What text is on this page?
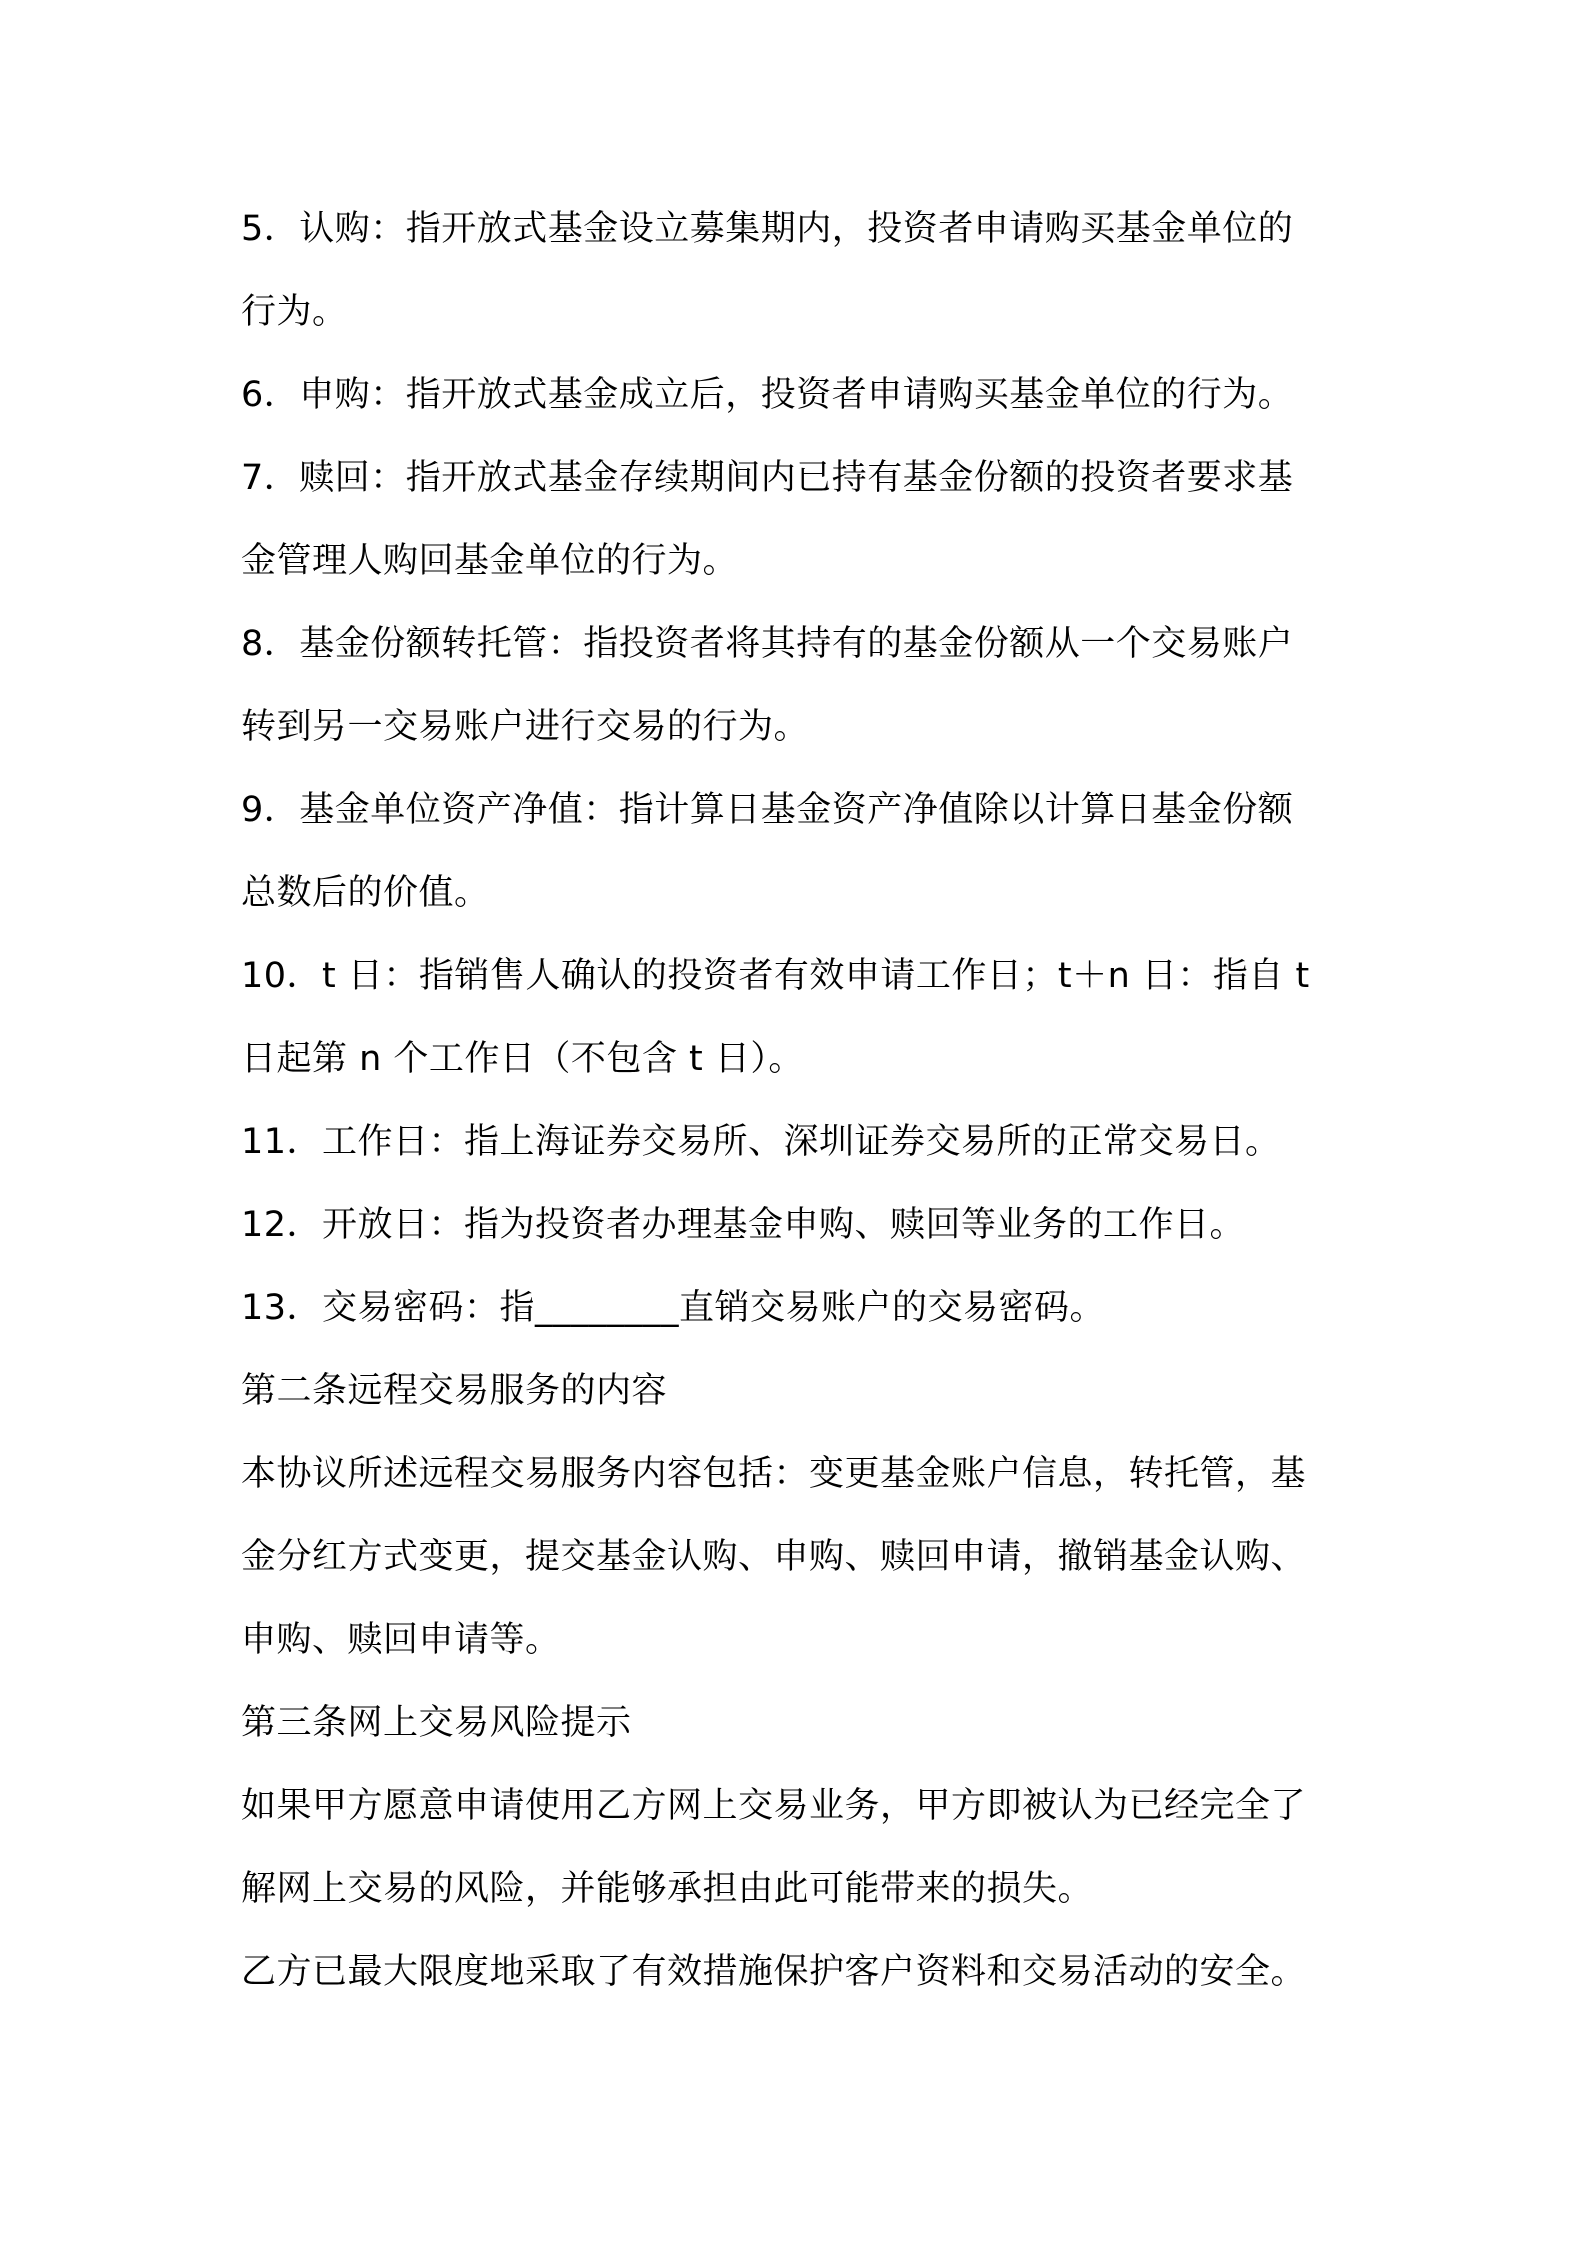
5．认购：指开放式基金设立募集期内，投资者申请购买基金单位的
行为。
6．申购：指开放式基金成立后，投资者申请购买基金单位的行为。
7．赎回：指开放式基金存续期间内已持有基金份额的投资者要求基
金管理人购回基金单位的行为。
8．基金份额转托管：指投资者将其持有的基金份额从一个交易账户
转到另一交易账户进行交易的行为。
9．基金单位资产净值：指计算日基金资产净值除以计算日基金份额
总数后的价值。
10．t 日：指销售人确认的投资者有效申请工作日；t＋n 日：指自 t
日起第 n 个工作日（不包含 t 日）。
11．工作日：指上海证券交易所、深圳证券交易所的正常交易日。
12．开放日：指为投资者办理基金申购、赎回等业务的工作日。
13．交易密码：指________直销交易账户的交易密码。
第二条远程交易服务的内容
本协议所述远程交易服务内容包括：变更基金账户信息，转托管，基
金分红方式变更，提交基金认购、申购、赎回申请，撤销基金认购、
申购、赎回申请等。
第三条网上交易风险提示
如果甲方愿意申请使用乙方网上交易业务，甲方即被认为已经完全了
解网上交易的风险，并能够承担由此可能带来的损失。
乙方已最大限度地采取了有效措施保护客户资料和交易活动的安全。
